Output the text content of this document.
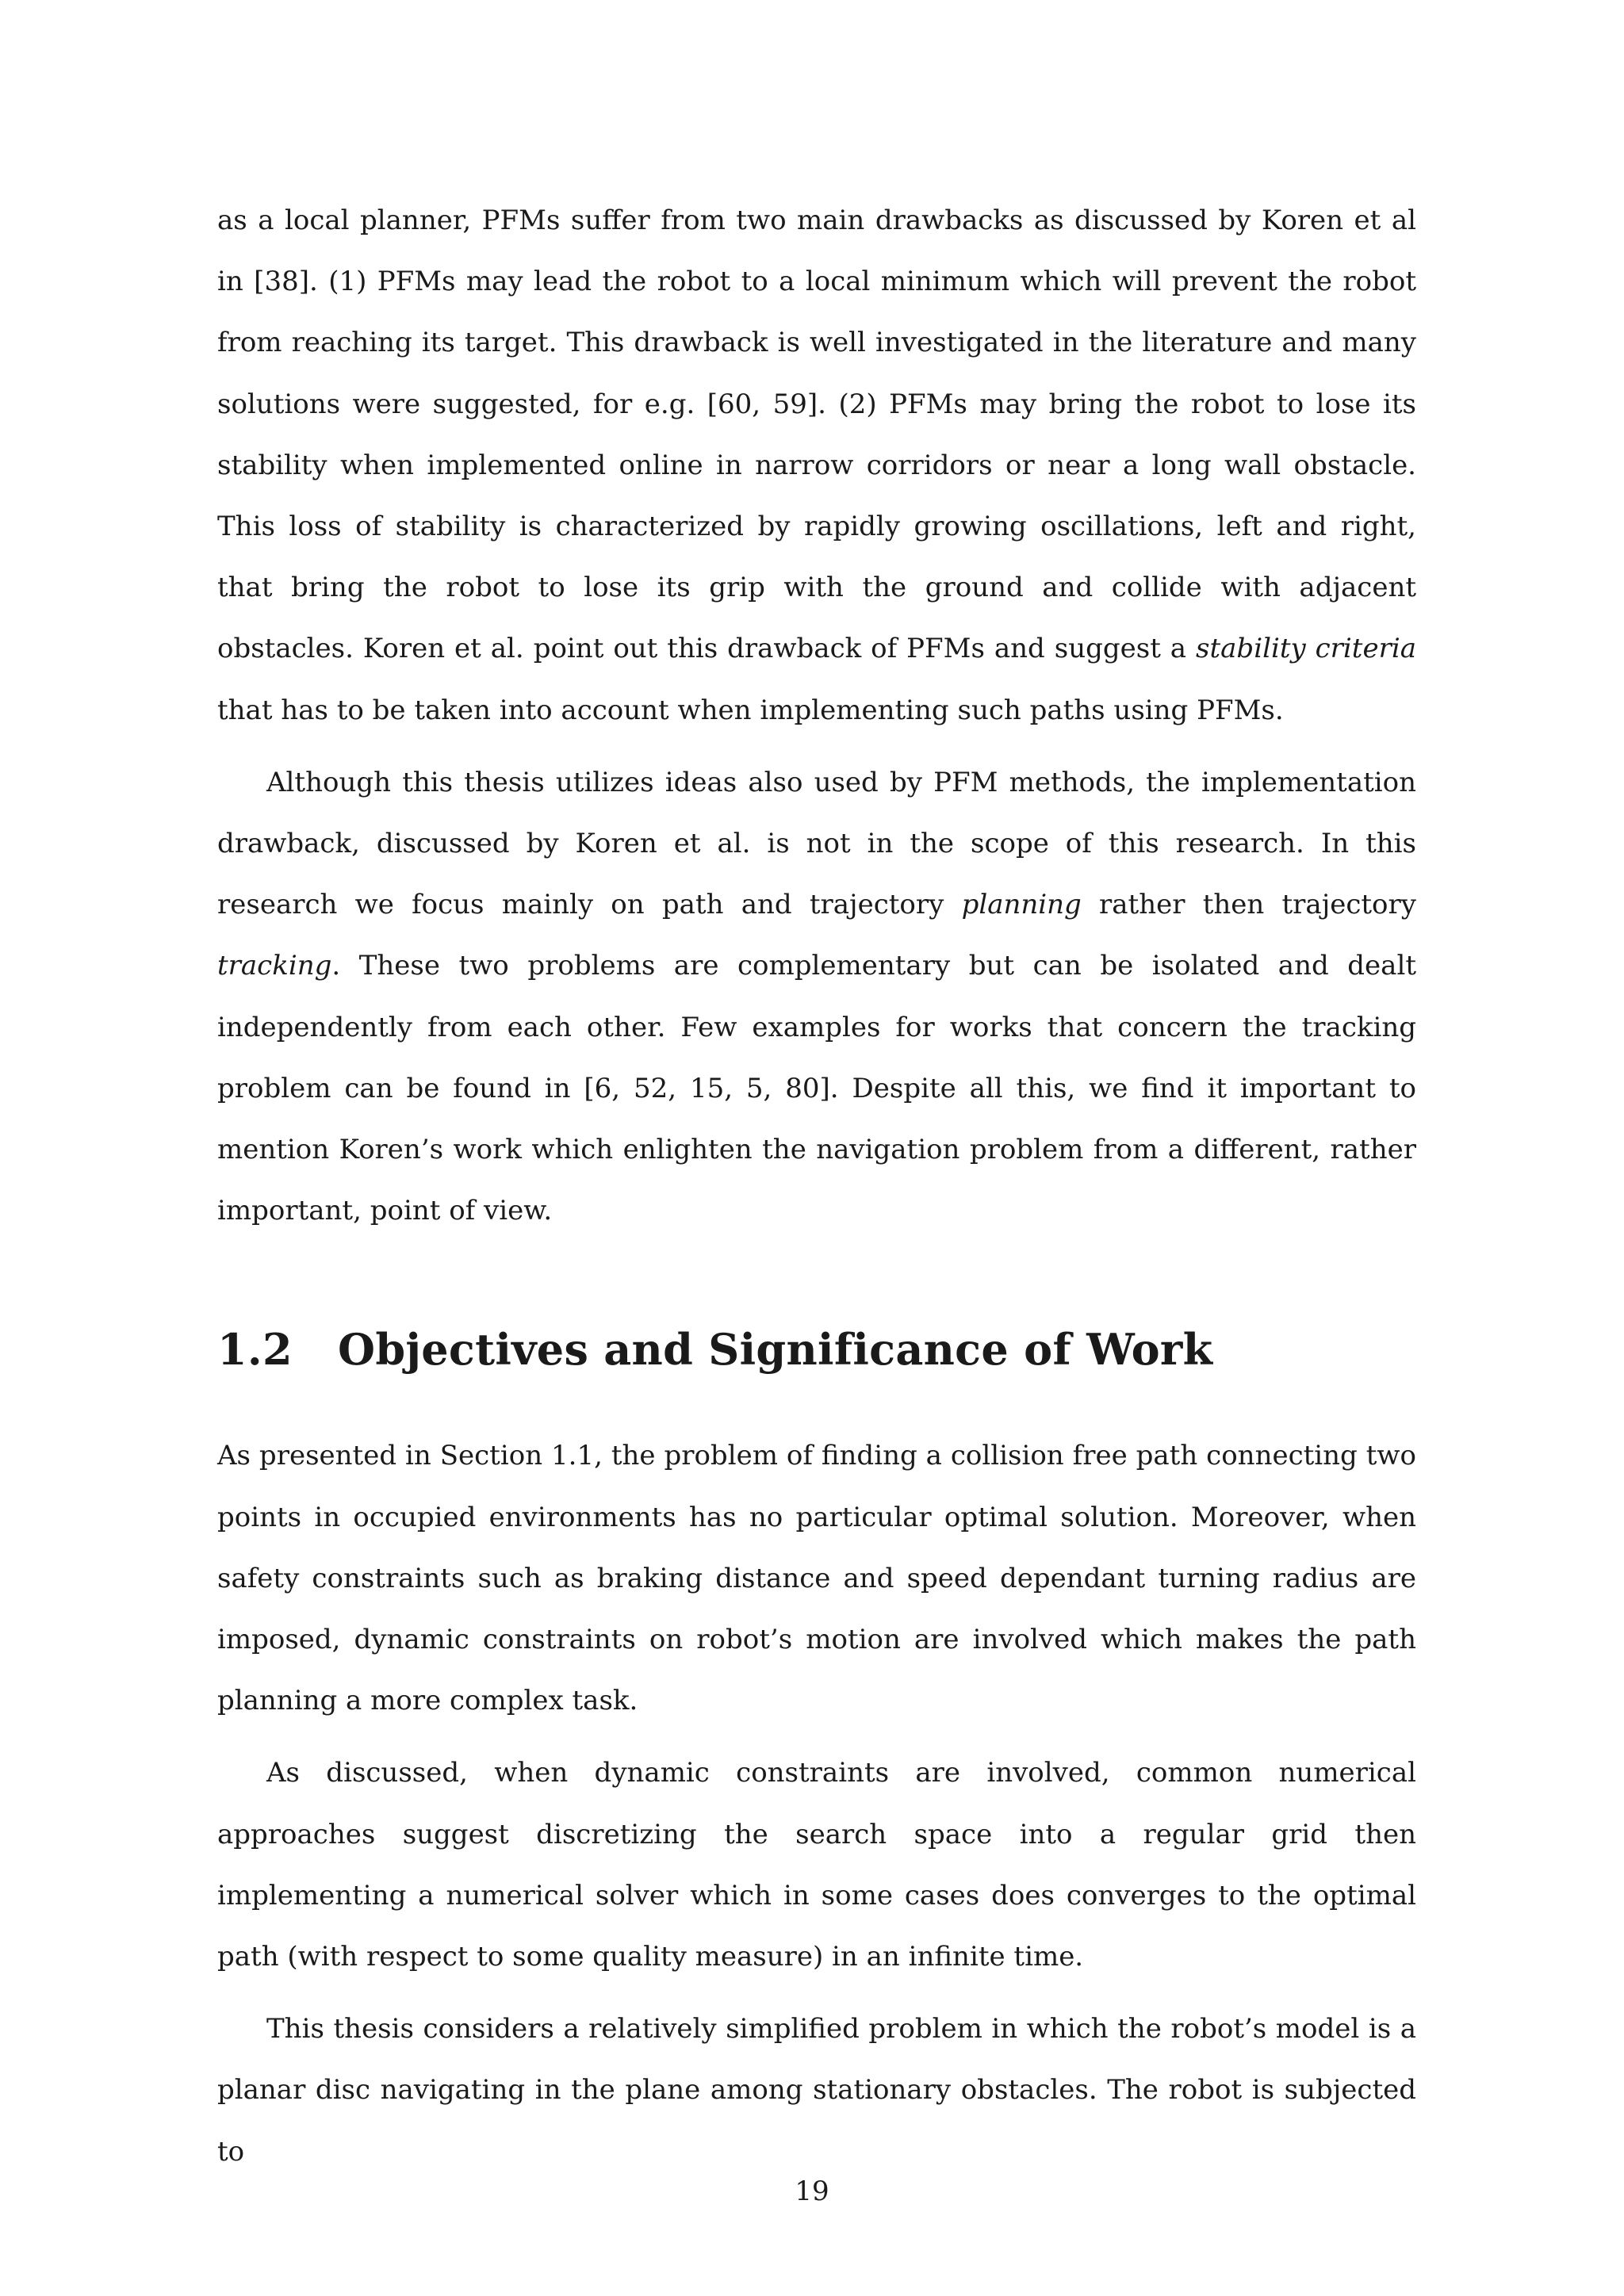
as a local planner, PFMs suffer from two main drawbacks as discussed by Koren et al in [38]. (1) PFMs may lead the robot to a local minimum which will prevent the robot from reaching its target. This drawback is well investigated in the literature and many solutions were suggested, for e.g. [60, 59]. (2) PFMs may bring the robot to lose its stability when implemented online in narrow corridors or near a long wall obstacle. This loss of stability is characterized by rapidly growing oscillations, left and right, that bring the robot to lose its grip with the ground and collide with adjacent obstacles. Koren et al. point out this drawback of PFMs and suggest a stability criteria that has to be taken into account when implementing such paths using PFMs.

Although this thesis utilizes ideas also used by PFM methods, the implementation drawback, discussed by Koren et al. is not in the scope of this research. In this research we focus mainly on path and trajectory planning rather then trajectory tracking. These two problems are complementary but can be isolated and dealt independently from each other. Few examples for works that concern the tracking problem can be found in [6, 52, 15, 5, 80]. Despite all this, we find it important to mention Koren’s work which enlighten the navigation problem from a different, rather important, point of view.

1.2 Objectives and Significance of Work

As presented in Section 1.1, the problem of finding a collision free path connecting two points in occupied environments has no particular optimal solution. Moreover, when safety constraints such as braking distance and speed dependant turning radius are imposed, dynamic constraints on robot’s motion are involved which makes the path planning a more complex task.

As discussed, when dynamic constraints are involved, common numerical approaches suggest discretizing the search space into a regular grid then implementing a numerical solver which in some cases does converges to the optimal path (with respect to some quality measure) in an infinite time.

This thesis considers a relatively simplified problem in which the robot’s model is a planar disc navigating in the plane among stationary obstacles. The robot is subjected to

19
